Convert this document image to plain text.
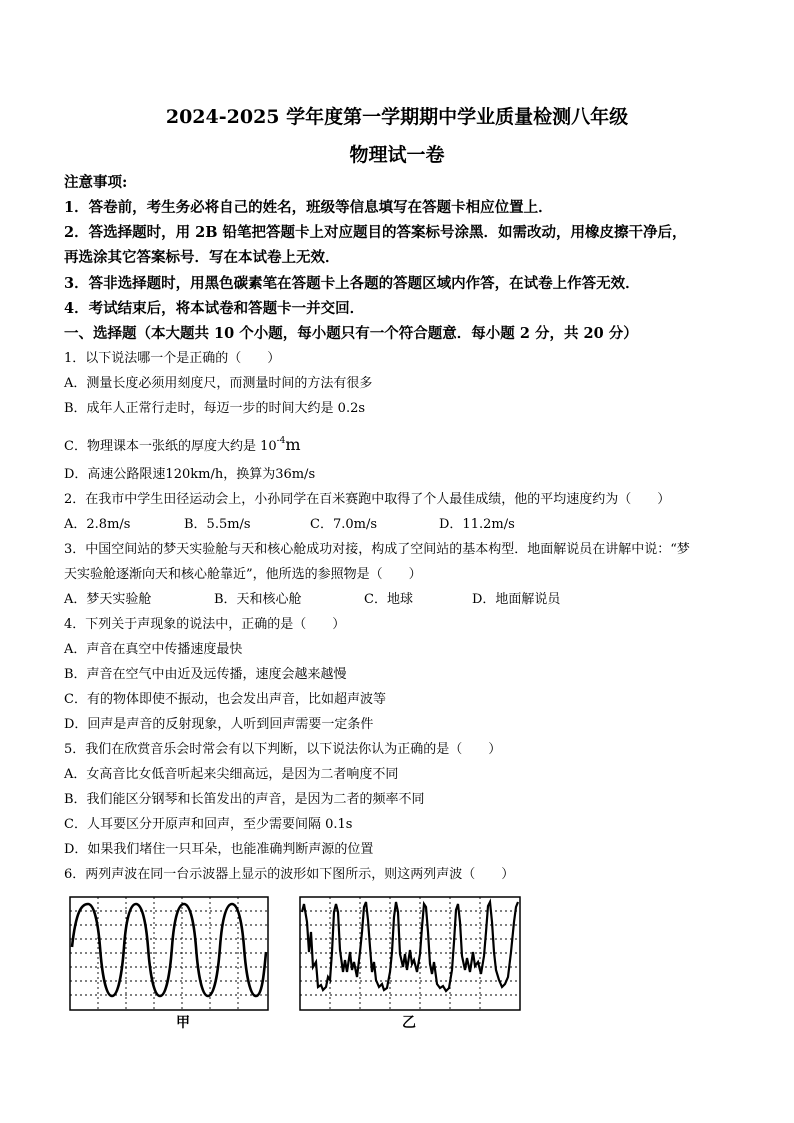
2024-2025 学年度第一学期期中学业质量检测八年级
物理试一卷
注意事项:
1．答卷前，考生务必将自己的姓名，班级等信息填写在答题卡相应位置上．
2．答选择题时，用 2B 铅笔把答题卡上对应题目的答案标号涂黑．如需改动，用橡皮擦干净后，
再选涂其它答案标号．写在本试卷上无效．
3．答非选择题时，用黑色碳素笔在答题卡上各题的答题区域内作答，在试卷上作答无效．
4．考试结束后，将本试卷和答题卡一并交回．
一、选择题（本大题共 10 个小题，每小题只有一个符合题意．每小题 2 分，共 20 分）
1．以下说法哪一个是正确的（　　）
A．测量长度必须用刻度尺，而测量时间的方法有很多
B．成年人正常行走时，每迈一步的时间大约是 0.2s
C．物理课本一张纸的厚度大约是 $10^{-4}m$
D．高速公路限速120km/h，换算为36m/s
2．在我市中学生田径运动会上，小孙同学在百米赛跑中取得了个人最佳成绩，他的平均速度约为（　　）
A．2.8m/s	B．5.5m/s	C．7.0m/s	D．11.2m/s
3．中国空间站的梦天实验舱与天和核心舱成功对接，构成了空间站的基本构型．地面解说员在讲解中说：“梦
天实验舱逐渐向天和核心舱靠近”，他所选的参照物是（　　）
A．梦天实验舱	B．天和核心舱	C．地球	D．地面解说员
4．下列关于声现象的说法中，正确的是（　　）
A．声音在真空中传播速度最快
B．声音在空气中由近及远传播，速度会越来越慢
C．有的物体即使不振动，也会发出声音，比如超声波等
D．回声是声音的反射现象，人听到回声需要一定条件
5．我们在欣赏音乐会时常会有以下判断，以下说法你认为正确的是（　　）
A．女高音比女低音听起来尖细高远，是因为二者响度不同
B．我们能区分钢琴和长笛发出的声音，是因为二者的频率不同
C．人耳要区分开原声和回声，至少需要间隔 0.1s
D．如果我们堵住一只耳朵，也能准确判断声源的位置
6．两列声波在同一台示波器上显示的波形如下图所示，则这两列声波（　　）
甲	乙
